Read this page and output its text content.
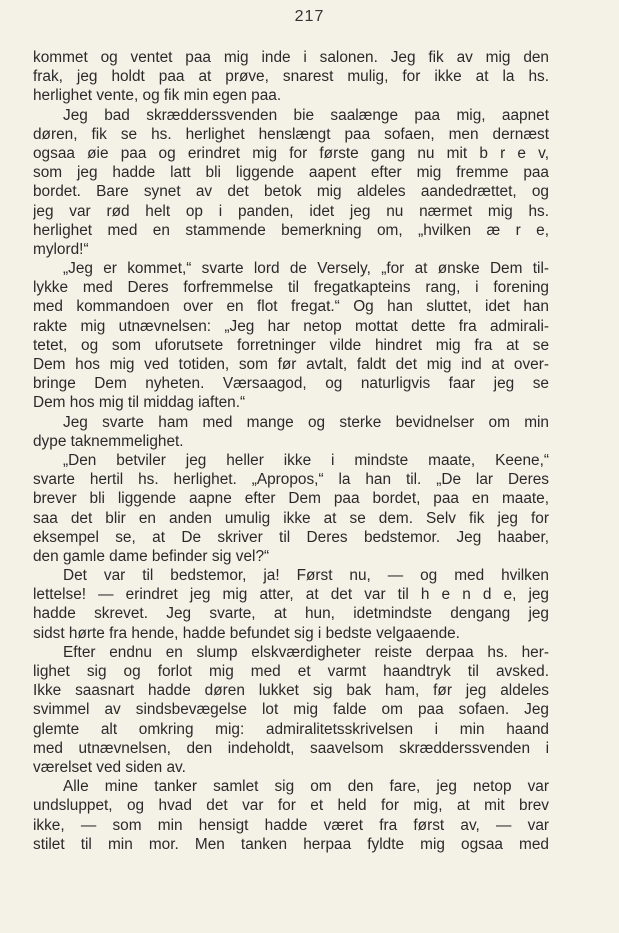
217
kommet og ventet paa mig inde i salonen. Jeg fik av mig den
frak, jeg holdt paa at prøve, snarest mulig, for ikke at la hs.
herlighet vente, og fik min egen paa.
Jeg bad skrædderssvenden bie saalænge paa mig, aapnet
døren, fik se hs. herlighet henslængt paa sofaen, men dernæst
ogsaa øie paa og erindret mig for første gang nu mit b r e v,
som jeg hadde latt bli liggende aapent efter mig fremme paa
bordet. Bare synet av det betok mig aldeles aandedrættet, og
jeg var rød helt op i panden, idet jeg nu nærmet mig hs.
herlighet med en stammende bemerkning om, „hvilken æ r e,
mylord!“
„Jeg er kommet,“ svarte lord de Versely, „for at ønske Dem til-
lykke med Deres forfremmelse til fregatkapteins rang, i forening
med kommandoen over en flot fregat.“ Og han sluttet, idet han
rakte mig utnævnelsen: „Jeg har netop mottat dette fra admirali-
tetet, og som uforutsete forretninger vilde hindret mig fra at se
Dem hos mig ved totiden, som før avtalt, faldt det mig ind at over-
bringe Dem nyheten. Værsaagod, og naturligvis faar jeg se
Dem hos mig til middag iaften.“
Jeg svarte ham med mange og sterke bevidnelser om min
dype taknemmelighet.
„Den betviler jeg heller ikke i mindste maate, Keene,“
svarte hertil hs. herlighet. „Apropos,“ la han til. „De lar Deres
brever bli liggende aapne efter Dem paa bordet, paa en maate,
saa det blir en anden umulig ikke at se dem. Selv fik jeg for
eksempel se, at De skriver til Deres bedstemor. Jeg haaber,
den gamle dame befinder sig vel?“
Det var til bedstemor, ja! Først nu, — og med hvilken
lettelse! — erindret jeg mig atter, at det var til h e n d e, jeg
hadde skrevet. Jeg svarte, at hun, idetmindste dengang jeg
sidst hørte fra hende, hadde befundet sig i bedste velgaaende.
Efter endnu en slump elskværdigheter reiste derpaa hs. her-
lighet sig og forlot mig med et varmt haandtryk til avsked.
Ikke saasnart hadde døren lukket sig bak ham, før jeg aldeles
svimmel av sindsbevægelse lot mig falde om paa sofaen. Jeg
glemte alt omkring mig: admiralitetsskrivelsen i min haand
med utnævnelsen, den indeholdt, saavelsom skrædderssvenden i
værelset ved siden av.
Alle mine tanker samlet sig om den fare, jeg netop var
undsluppet, og hvad det var for et held for mig, at mit brev
ikke, — som min hensigt hadde været fra først av, — var
stilet til min mor. Men tanken herpaa fyldte mig ogsaa med
